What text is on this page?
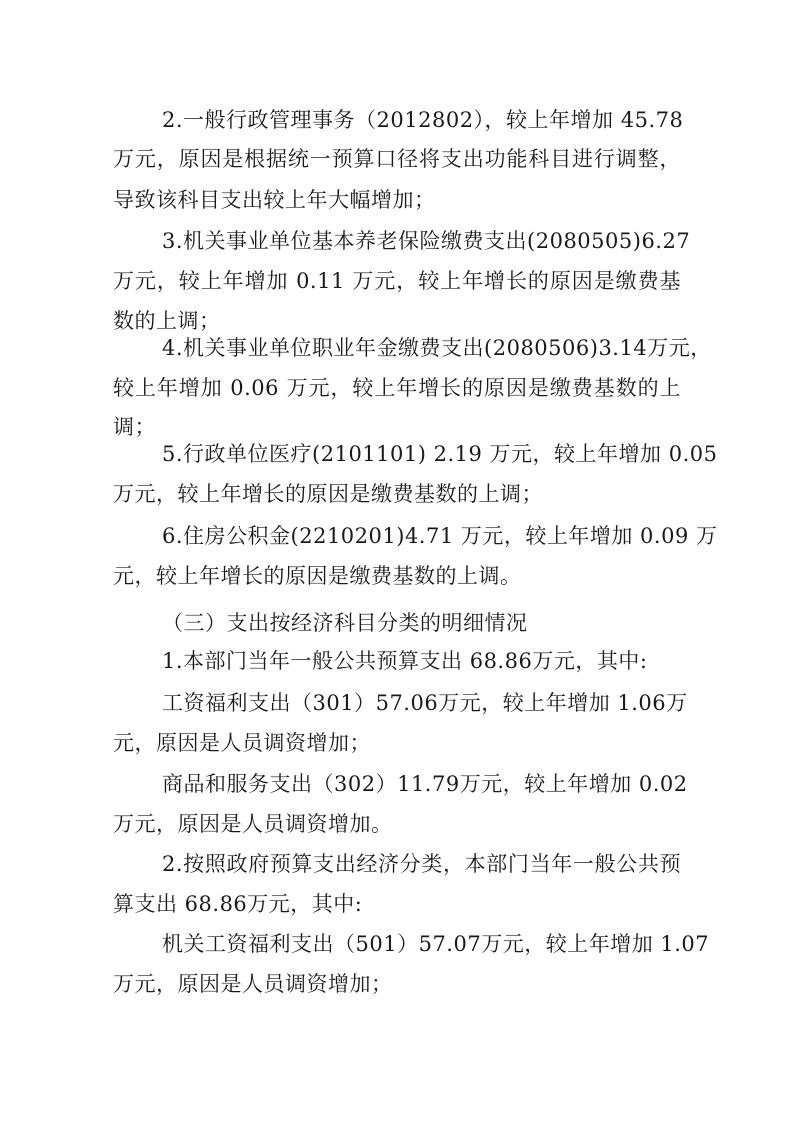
2.一般行政管理事务（2012802），较上年增加 45.78
万元，原因是根据统一预算口径将支出功能科目进行调整，
导致该科目支出较上年大幅增加；
3.机关事业单位基本养老保险缴费支出(2080505)6.27
万元，较上年增加 0.11 万元，较上年增长的原因是缴费基
数的上调；
4.机关事业单位职业年金缴费支出(2080506)3.14万元，
较上年增加 0.06 万元，较上年增长的原因是缴费基数的上
调；
5.行政单位医疗(2101101) 2.19 万元，较上年增加 0.05
万元，较上年增长的原因是缴费基数的上调；
6.住房公积金(2210201)4.71 万元，较上年增加 0.09 万
元，较上年增长的原因是缴费基数的上调。
（三）支出按经济科目分类的明细情况
1.本部门当年一般公共预算支出 68.86万元，其中:
工资福利支出（301）57.06万元，较上年增加 1.06万
元，原因是人员调资增加；
商品和服务支出（302）11.79万元，较上年增加 0.02
万元，原因是人员调资增加。
2.按照政府预算支出经济分类，本部门当年一般公共预
算支出 68.86万元，其中:
机关工资福利支出（501）57.07万元，较上年增加 1.07
万元，原因是人员调资增加；
